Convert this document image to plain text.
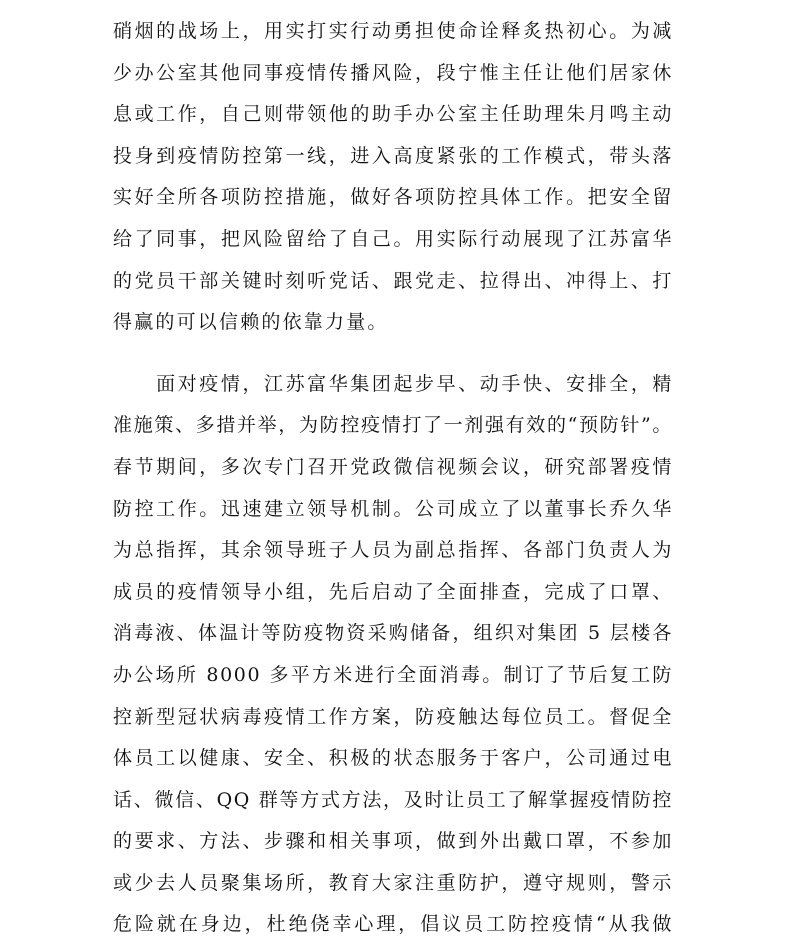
硝烟的战场上，用实打实行动勇担使命诠释炙热初心。为减
少办公室其他同事疫情传播风险，段宁惟主任让他们居家休
息或工作，自己则带领他的助手办公室主任助理朱月鸣主动
投身到疫情防控第一线，进入高度紧张的工作模式，带头落
实好全所各项防控措施，做好各项防控具体工作。把安全留
给了同事，把风险留给了自己。用实际行动展现了江苏富华
的党员干部关键时刻听党话、跟党走、拉得出、冲得上、打
得赢的可以信赖的依靠力量。
　　面对疫情，江苏富华集团起步早、动手快、安排全，精
准施策、多措并举，为防控疫情打了一剂强有效的“预防针”。
春节期间，多次专门召开党政微信视频会议，研究部署疫情
防控工作。迅速建立领导机制。公司成立了以董事长乔久华
为总指挥，其余领导班子人员为副总指挥、各部门负责人为
成员的疫情领导小组，先后启动了全面排查，完成了口罩、
消毒液、体温计等防疫物资采购储备，组织对集团 5 层楼各
办公场所 8000 多平方米进行全面消毒。制订了节后复工防
控新型冠状病毒疫情工作方案，防疫触达每位员工。督促全
体员工以健康、安全、积极的状态服务于客户，公司通过电
话、微信、QQ 群等方式方法，及时让员工了解掌握疫情防控
的要求、方法、步骤和相关事项，做到外出戴口罩，不参加
或少去人员聚集场所，教育大家注重防护，遵守规则，警示
危险就在身边，杜绝侥幸心理，倡议员工防控疫情“从我做
